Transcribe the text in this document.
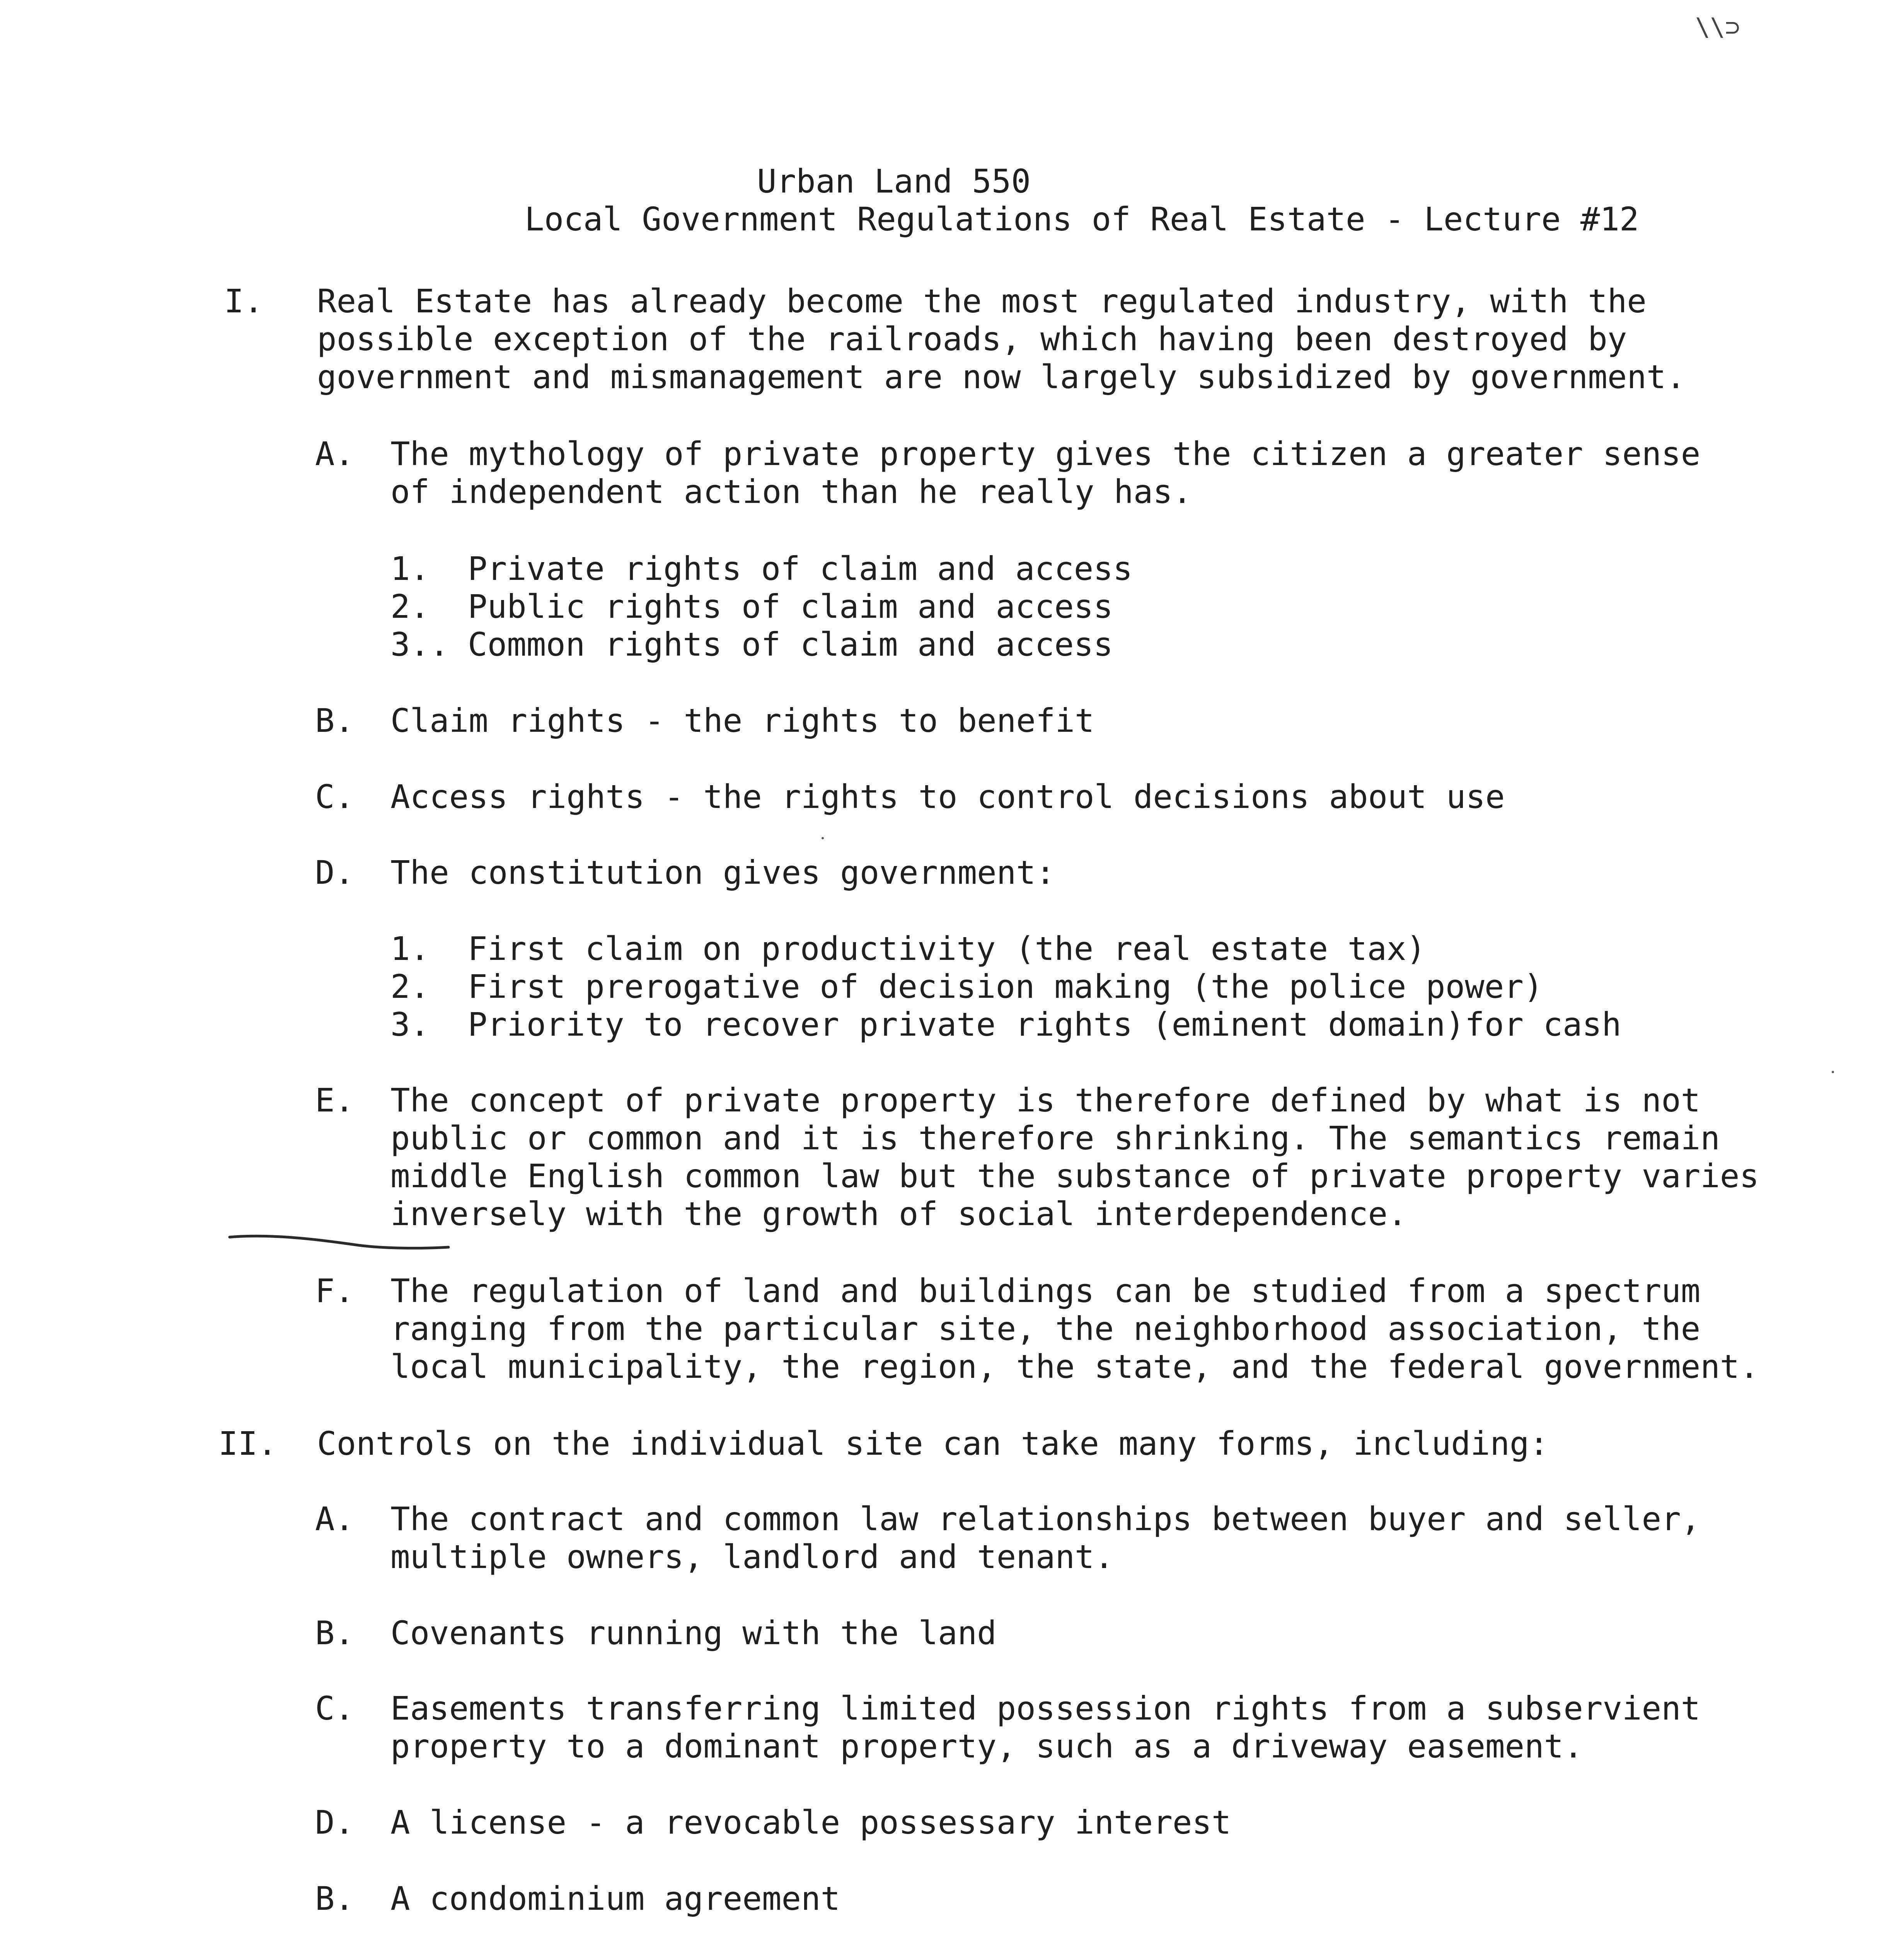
\\⊃
Urban Land 550
Local Government Regulations of Real Estate - Lecture #12
I. Real Estate has already become the most regulated industry, with the
possible exception of the railroads, which having been destroyed by
government and mismanagement are now largely subsidized by government.
A. The mythology of private property gives the citizen a greater sense
of independent action than he really has.
1. Private rights of claim and access
2. Public rights of claim and access
3.. Common rights of claim and access
B. Claim rights - the rights to benefit
C. Access rights - the rights to control decisions about use
D. The constitution gives government:
1. First claim on productivity (the real estate tax)
2. First prerogative of decision making (the police power)
3. Priority to recover private rights (eminent domain)for cash
E. The concept of private property is therefore defined by what is not
public or common and it is therefore shrinking. The semantics remain
middle English common law but the substance of private property varies
inversely with the growth of social interdependence.
F. The regulation of land and buildings can be studied from a spectrum
ranging from the particular site, the neighborhood association, the
local municipality, the region, the state, and the federal government.
II. Controls on the individual site can take many forms, including:
A. The contract and common law relationships between buyer and seller,
multiple owners, landlord and tenant.
B. Covenants running with the land
C. Easements transferring limited possession rights from a subservient
property to a dominant property, such as a driveway easement.
D. A license - a revocable possessary interest
B. A condominium agreement
